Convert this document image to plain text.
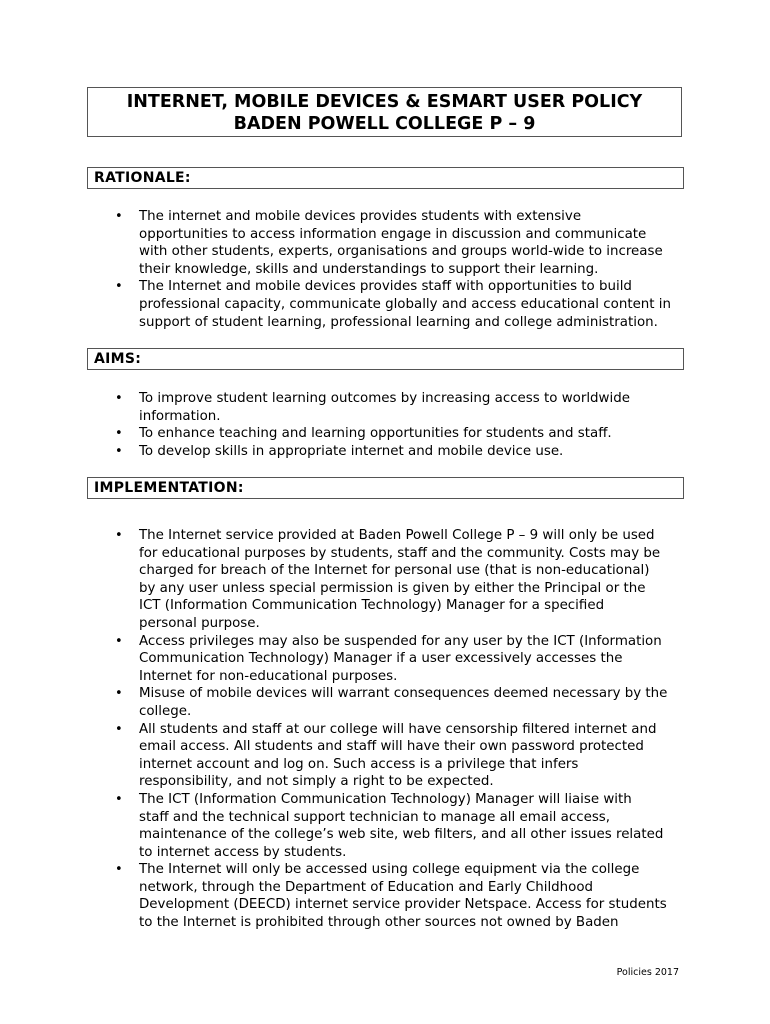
INTERNET, MOBILE DEVICES & ESMART USER POLICY
BADEN POWELL COLLEGE P – 9
RATIONALE:
• The internet and mobile devices provides students with extensive
opportunities to access information engage in discussion and communicate
with other students, experts, organisations and groups world-wide to increase
their knowledge, skills and understandings to support their learning.
• The Internet and mobile devices provides staff with opportunities to build
professional capacity, communicate globally and access educational content in
support of student learning, professional learning and college administration.
AIMS:
• To improve student learning outcomes by increasing access to worldwide
information.
• To enhance teaching and learning opportunities for students and staff.
• To develop skills in appropriate internet and mobile device use.
IMPLEMENTATION:
• The Internet service provided at Baden Powell College P – 9 will only be used
for educational purposes by students, staff and the community. Costs may be
charged for breach of the Internet for personal use (that is non-educational)
by any user unless special permission is given by either the Principal or the
ICT (Information Communication Technology) Manager for a specified
personal purpose.
• Access privileges may also be suspended for any user by the ICT (Information
Communication Technology) Manager if a user excessively accesses the
Internet for non-educational purposes.
• Misuse of mobile devices will warrant consequences deemed necessary by the
college.
• All students and staff at our college will have censorship filtered internet and
email access. All students and staff will have their own password protected
internet account and log on. Such access is a privilege that infers
responsibility, and not simply a right to be expected.
• The ICT (Information Communication Technology) Manager will liaise with
staff and the technical support technician to manage all email access,
maintenance of the college’s web site, web filters, and all other issues related
to internet access by students.
• The Internet will only be accessed using college equipment via the college
network, through the Department of Education and Early Childhood
Development (DEECD) internet service provider Netspace. Access for students
to the Internet is prohibited through other sources not owned by Baden
Policies 2017
